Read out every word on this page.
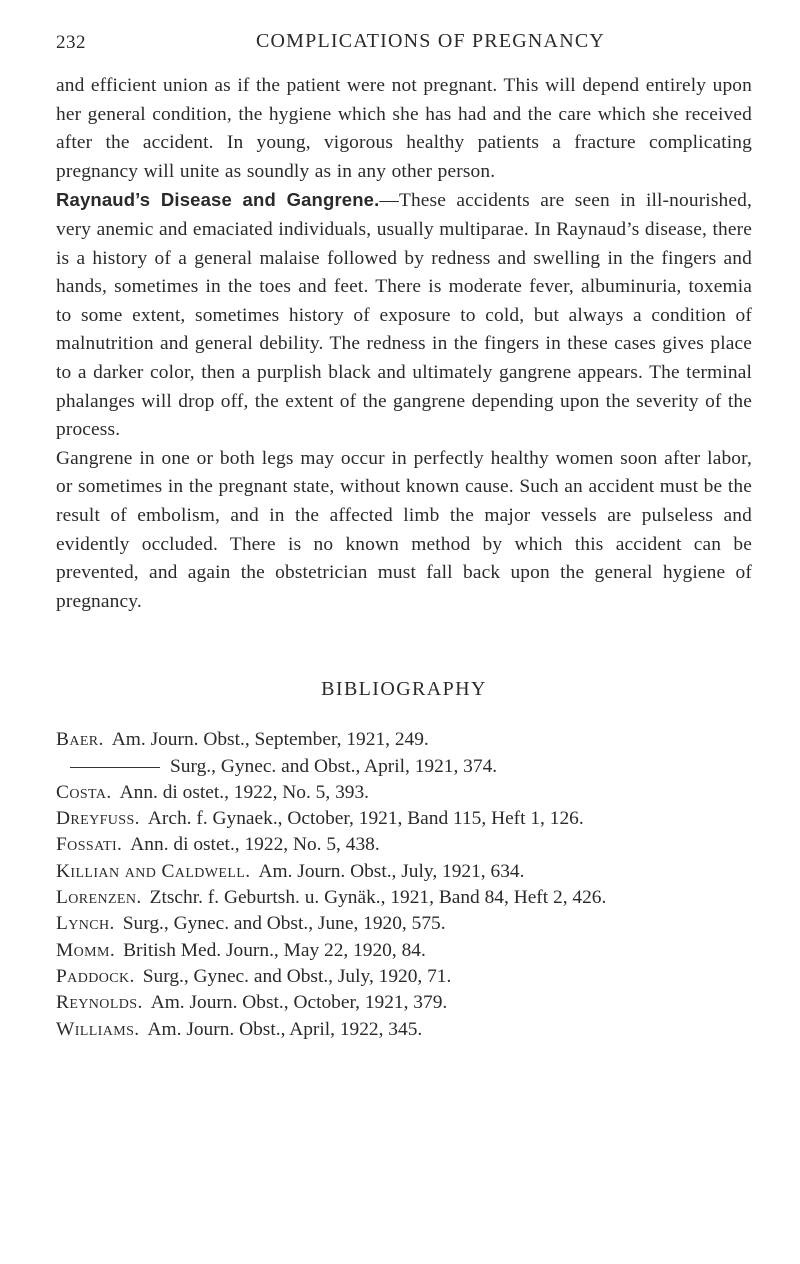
232	COMPLICATIONS OF PREGNANCY

and efficient union as if the patient were not pregnant. This will depend entirely upon her general condition, the hygiene which she has had and the care which she received after the accident. In young, vigorous healthy patients a fracture complicating pregnancy will unite as soundly as in any other person.

Raynaud’s Disease and Gangrene.—These accidents are seen in ill-nourished, very anemic and emaciated individuals, usually multiparae. In Raynaud’s disease, there is a history of a general malaise followed by redness and swelling in the fingers and hands, sometimes in the toes and feet. There is moderate fever, albuminuria, toxemia to some extent, sometimes history of exposure to cold, but always a condition of malnutrition and general debility. The redness in the fingers in these cases gives place to a darker color, then a purplish black and ultimately gangrene appears. The terminal phalanges will drop off, the extent of the gangrene depending upon the severity of the process.

Gangrene in one or both legs may occur in perfectly healthy women soon after labor, or sometimes in the pregnant state, without known cause. Such an accident must be the result of embolism, and in the affected limb the major vessels are pulseless and evidently occluded. There is no known method by which this accident can be prevented, and again the obstetrician must fall back upon the general hygiene of pregnancy.

BIBLIOGRAPHY
Baer. Am. Journ. Obst., September, 1921, 249.
Surg., Gynec. and Obst., April, 1921, 374.
Costa. Ann. di ostet., 1922, No. 5, 393.
Dreyfuss. Arch. f. Gynaek., October, 1921, Band 115, Heft 1, 126.
Fossati. Ann. di ostet., 1922, No. 5, 438.
Killian and Caldwell. Am. Journ. Obst., July, 1921, 634.
Lorenzen. Ztschr. f. Geburtsh. u. Gynäk., 1921, Band 84, Heft 2, 426.
Lynch. Surg., Gynec. and Obst., June, 1920, 575.
Momm. British Med. Journ., May 22, 1920, 84.
Paddock. Surg., Gynec. and Obst., July, 1920, 71.
Reynolds. Am. Journ. Obst., October, 1921, 379.
Williams. Am. Journ. Obst., April, 1922, 345.
